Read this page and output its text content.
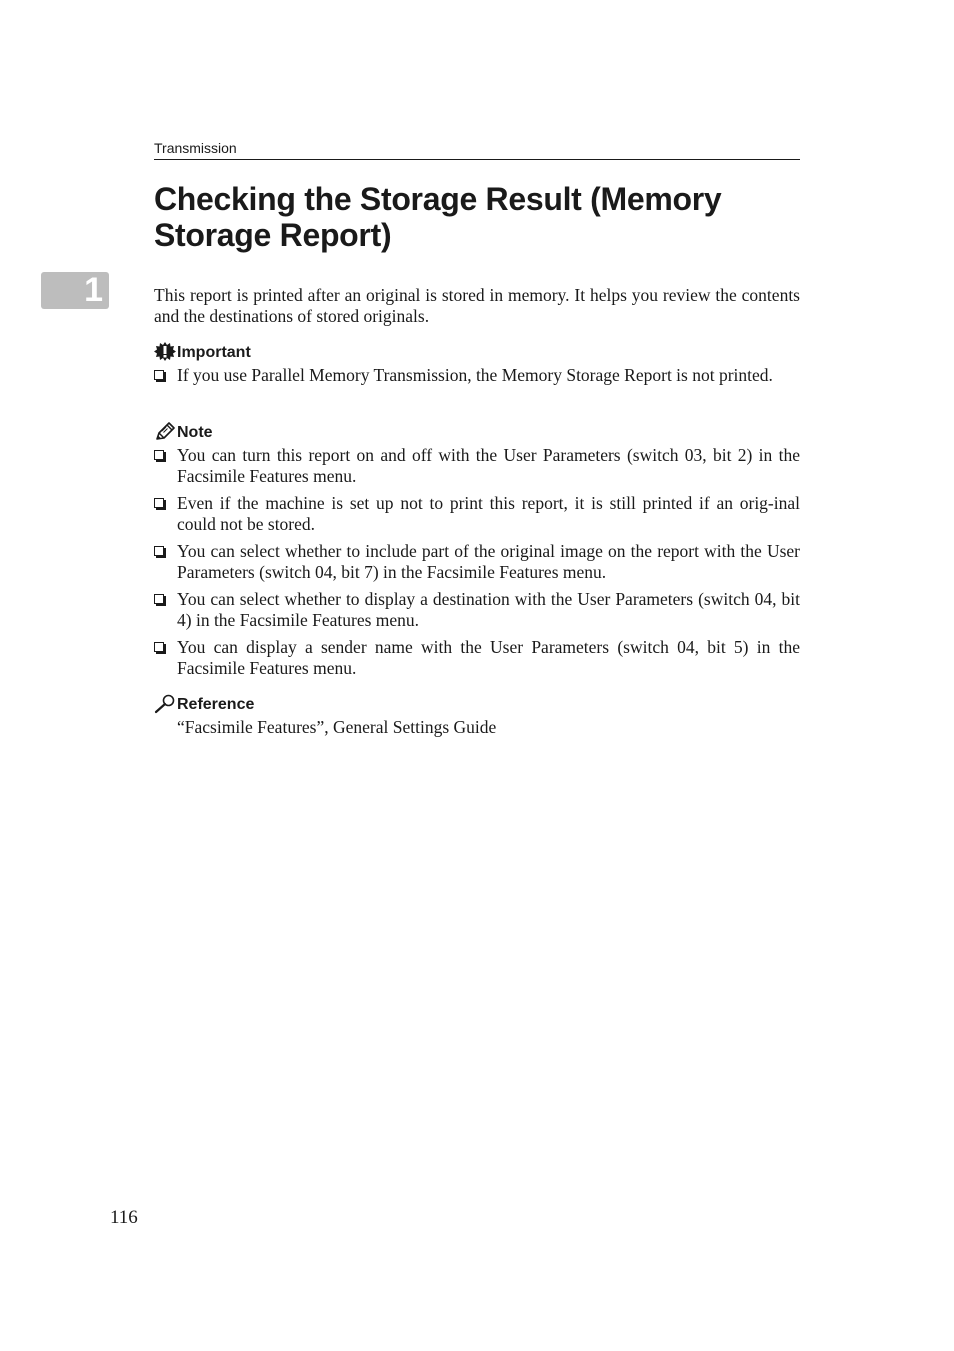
Transmission
Checking the Storage Result (Memory Storage Report)
1	This report is printed after an original is stored in memory. It helps you review the contents and the destinations of stored originals.

Important
If you use Parallel Memory Transmission, the Memory Storage Report is not printed.
Note
You can turn this report on and off with the User Parameters (switch 03, bit 2) in the Facsimile Features menu.
Even if the machine is set up not to print this report, it is still printed if an orig-inal could not be stored.
You can select whether to include part of the original image on the report with the User Parameters (switch 04, bit 7) in the Facsimile Features menu.
You can select whether to display a destination with the User Parameters (switch 04, bit 4) in the Facsimile Features menu.
You can display a sender name with the User Parameters (switch 04, bit 5) in the Facsimile Features menu.
Reference

“Facsimile Features”, General Settings Guide

116
